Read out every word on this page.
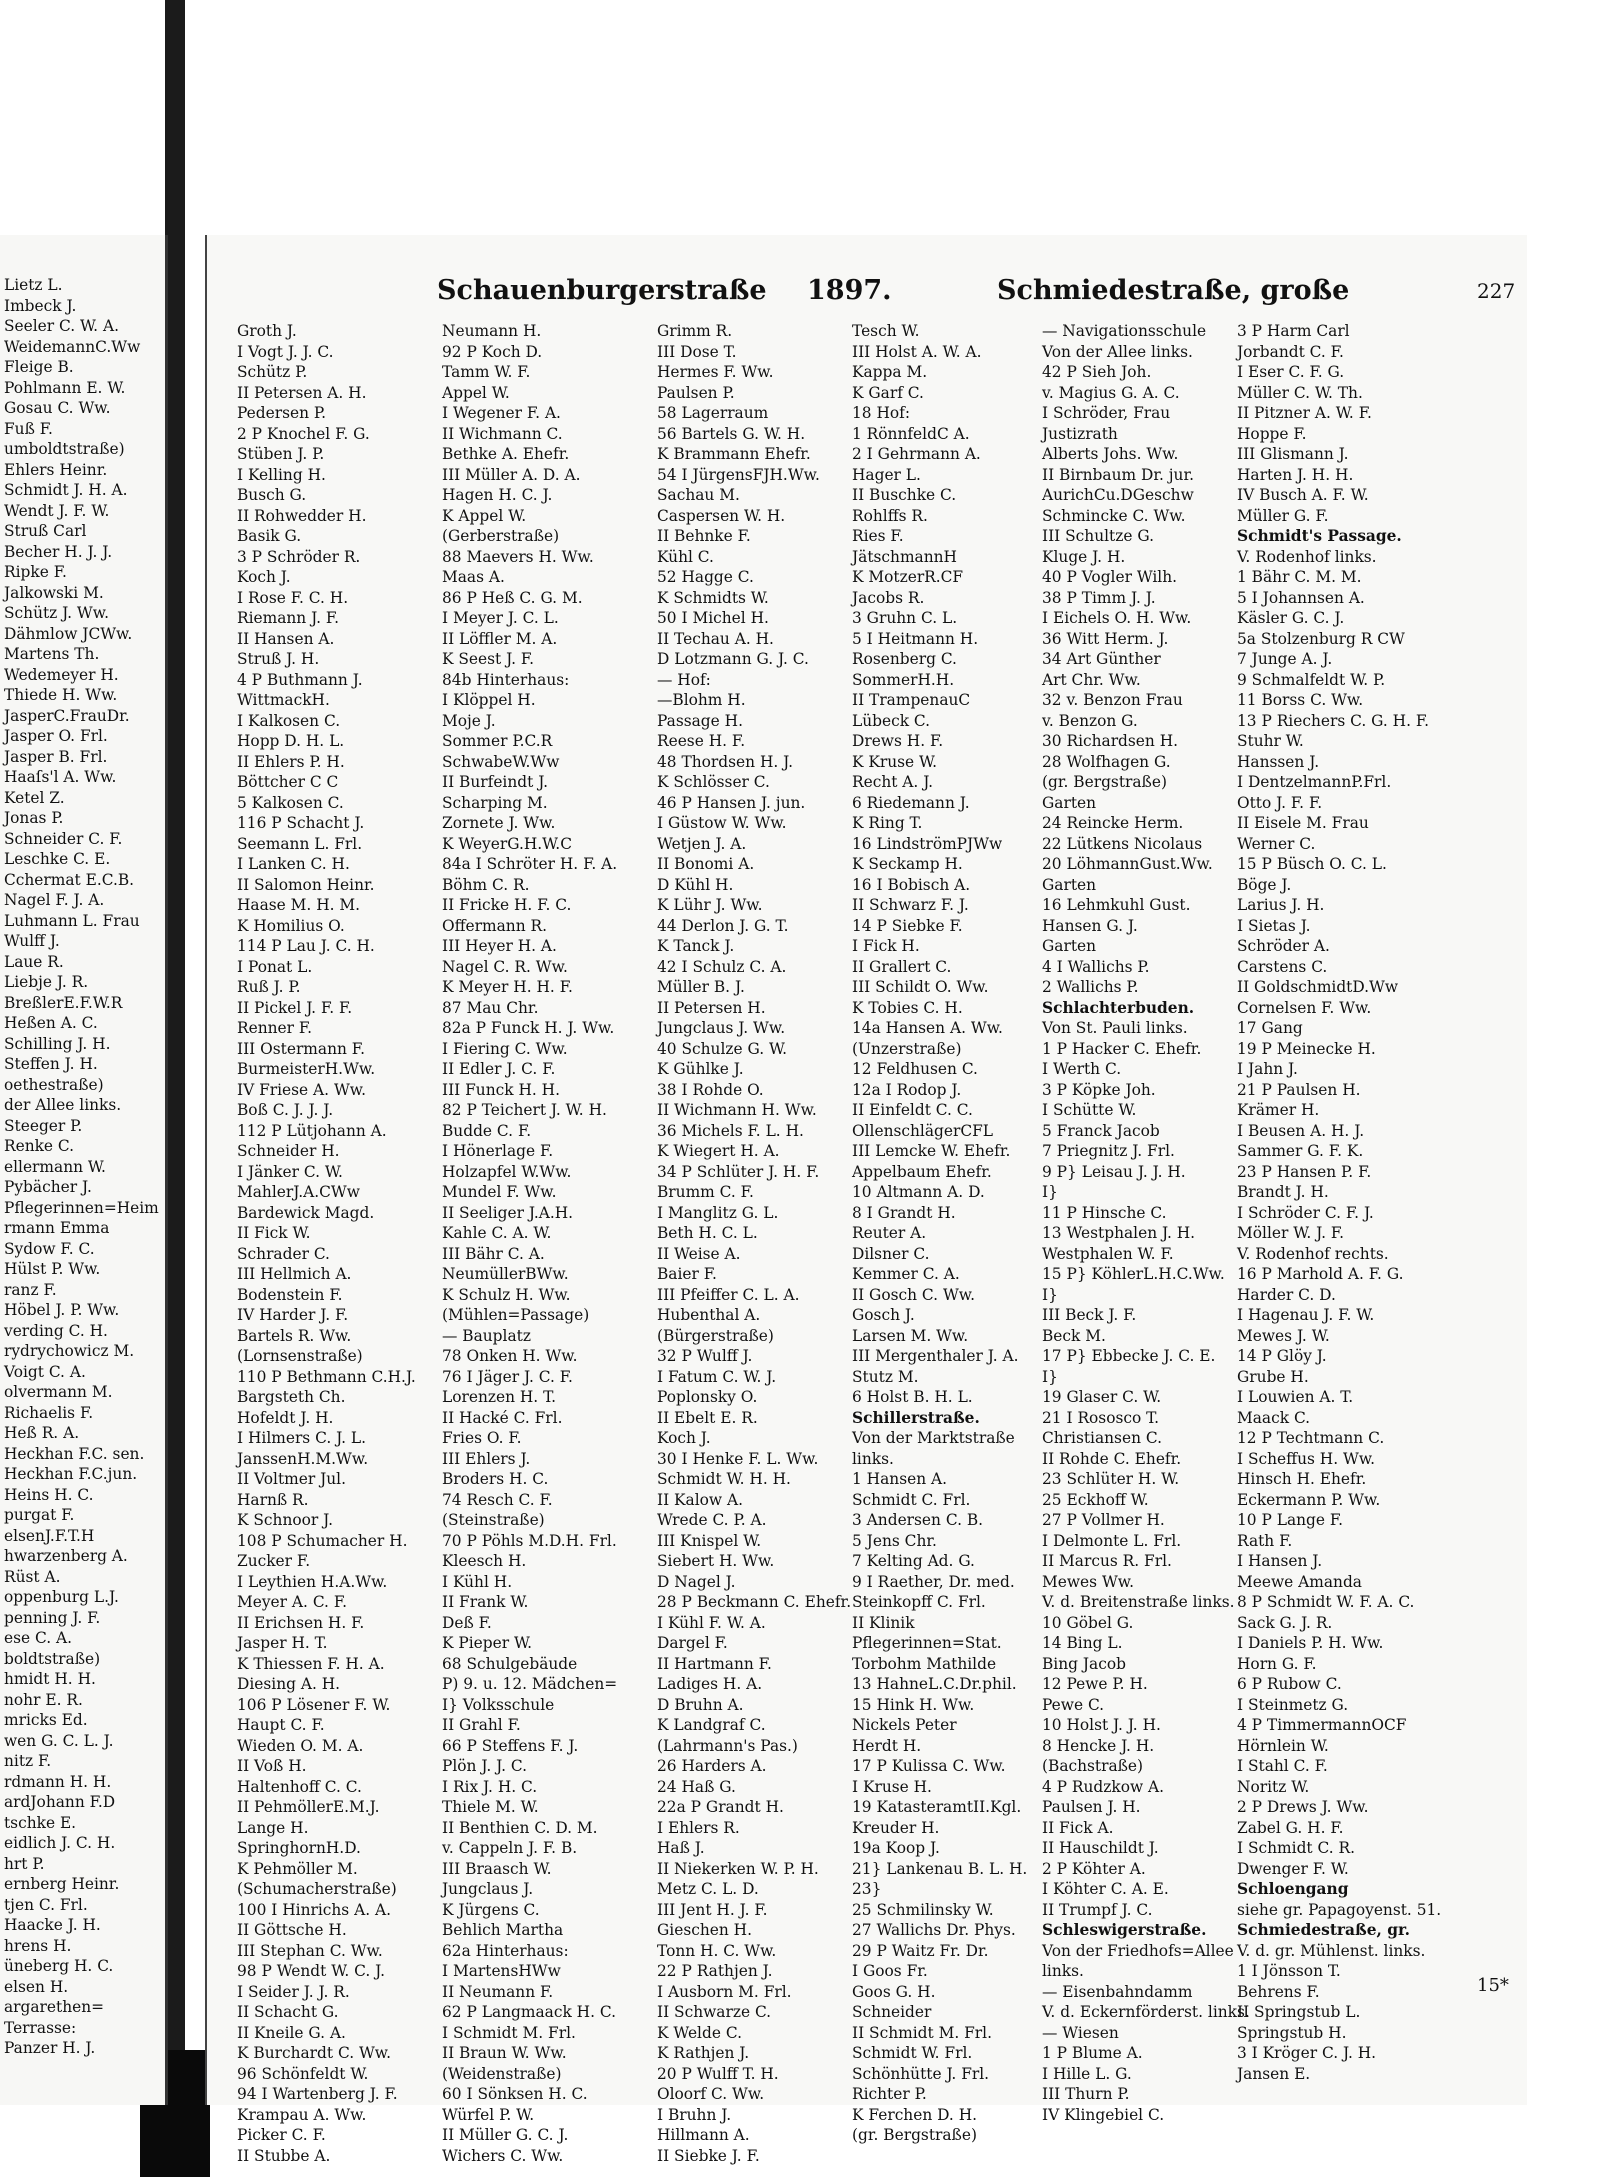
Lietz L.
Imbeck J.
Seeler C. W. A.
WeidemannC.Ww
Fleige B.
Pohlmann E. W.
Gosau C. Ww.
Fuß F.
umboldtstraße)
Ehlers Heinr.
Schmidt J. H. A.
Wendt J. F. W.
Struß Carl
Becher H. J. J.
Ripke F.
Jalkowski M.
Schütz J. Ww.
Dähmlow JCWw.
Martens Th.
Wedemeyer H.
Thiede H. Ww.
JasperC.FrauDr.
Jasper O. Frl.
Jasper B. Frl.
Haaſs'l A. Ww.
Ketel Z.
Jonas P.
Schneider C. F.
Leschke C. E.
Cchermat E.C.B.
Nagel F. J. A.
Luhmann L. Frau
Wulff J.
Laue R.
Liebje J. R.
BreßlerE.F.W.R
Heßen A. C.
Schilling J. H.
Steffen J. H.
oethestraße)
der Allee links.
Steeger P.
Renke C.
ellermann W.
Pybächer J.
Pflegerinnen=Heim
rmann Emma
Sydow F. C.
Hülst P. Ww.
ranz F.
Höbel J. P. Ww.
verding C. H.
rydrychowicz M.
Voigt C. A.
olvermann M.
Richaelis F.
Heß R. A.
Heckhan F.C. sen.
Heckhan F.C.jun.
Heins H. C.
purgat F.
elsenJ.F.T.H
hwarzenberg A.
Rüst A.
oppenburg L.J.
penning J. F.
ese C. A.
boldtstraße)
hmidt H. H.
nohr E. R.
mricks Ed.
wen G. C. L. J.
nitz F.
rdmann H. H.
ardJohann F.D
tschke E.
eidlich J. C. H.
hrt P.
ernberg Heinr.
tjen C. Frl.
Haacke J. H.
hrens H.
üneberg H. C.
elsen H.
argarethen=
Terrasse:
Panzer H. J.
Schauenburgerstraße 1897.	Schmiedestraße, große	227
Groth J.
I Vogt J. J. C.
Schütz P.
II Petersen A. H.
Pedersen P.
2 P Knochel F. G.
Stüben J. P.
I Kelling H.
Busch G.
II Rohwedder H.
Basik G.
3 P Schröder R.
Koch J.
I Rose F. C. H.
Riemann J. F.
II Hansen A.
Struß J. H.
4 P Buthmann J.
WittmackH.
I Kalkosen C.
Hopp D. H. L.
II Ehlers P. H.
Böttcher C C
5 Kalkosen C.
116 P Schacht J.
Seemann L. Frl.
I Lanken C. H.
II Salomon Heinr.
Haase M. H. M.
K Homilius O.
114 P Lau J. C. H.
I Ponat L.
Ruß J. P.
II Pickel J. F. F.
Renner F.
III Ostermann F.
BurmeisterH.Ww.
IV Friese A. Ww.
Boß C. J. J. J.
112 P Lütjohann A.
Schneider H.
I Jänker C. W.
MahlerJ.A.CWw
Bardewick Magd.
II Fick W.
Schrader C.
III Hellmich A.
Bodenstein F.
IV Harder J. F.
Bartels R. Ww.
(Lornsenstraße)
110 P Bethmann C.H.J.
Bargsteth Ch.
Hofeldt J. H.
I Hilmers C. J. L.
JanssenH.M.Ww.
II Voltmer Jul.
Harnß R.
K Schnoor J.
108 P Schumacher H.
Zucker F.
I Leythien H.A.Ww.
Meyer A. C. F.
II Erichsen H. F.
Jasper H. T.
K Thiessen F. H. A.
Diesing A. H.
106 P Lösener F. W.
Haupt C. F.
Wieden O. M. A.
II Voß H.
Haltenhoff C. C.
II PehmöllerE.M.J.
Lange H.
SpringhornH.D.
K Pehmöller M.
(Schumacherstraße)
100 I Hinrichs A. A.
II Göttsche H.
III Stephan C. Ww.
98 P Wendt W. C. J.
I Seider J. J. R.
II Schacht G.
II Kneile G. A.
K Burchardt C. Ww.
96 Schönfeldt W.
94 I Wartenberg J. F.
Krampau A. Ww.
Picker C. F.
II Stubbe A.
Neumann H.
92 P Koch D.
Tamm W. F.
Appel W.
I Wegener F. A.
II Wichmann C.
Bethke A. Ehefr.
III Müller A. D. A.
Hagen H. C. J.
K Appel W.
(Gerberstraße)
88 Maevers H. Ww.
Maas A.
86 P Heß C. G. M.
I Meyer J. C. L.
II Löffler M. A.
K Seest J. F.
84b Hinterhaus:
I Klöppel H.
Moje J.
Sommer P.C.R
SchwabeW.Ww
II Burfeindt J.
Scharping M.
Zornete J. Ww.
K WeyerG.H.W.C
84a I Schröter H. F. A.
Böhm C. R.
II Fricke H. F. C.
Offermann R.
III Heyer H. A.
Nagel C. R. Ww.
K Meyer H. H. F.
87 Mau Chr.
82a P Funck H. J. Ww.
I Fiering C. Ww.
II Edler J. C. F.
III Funck H. H.
82 P Teichert J. W. H.
Budde C. F.
I Hönerlage F.
Holzapfel W.Ww.
Mundel F. Ww.
II Seeliger J.A.H.
Kahle C. A. W.
III Bähr C. A.
NeumüllerBWw.
K Schulz H. Ww.
(Mühlen=Passage)
— Bauplatz
78 Onken H. Ww.
76 I Jäger J. C. F.
Lorenzen H. T.
II Hacké C. Frl.
Fries O. F.
III Ehlers J.
Broders H. C.
74 Resch C. F.
(Steinstraße)
70 P Pöhls M.D.H. Frl.
Kleesch H.
I Kühl H.
II Frank W.
Deß F.
K Pieper W.
68 Schulgebäude
P) 9. u. 12. Mädchen=
I} Volksschule
II Grahl F.
66 P Steffens F. J.
Plön J. J. C.
I Rix J. H. C.
Thiele M. W.
II Benthien C. D. M.
v. Cappeln J. F. B.
III Braasch W.
Jungclaus J.
K Jürgens C.
Behlich Martha
62a Hinterhaus:
I MartensHWw
II Neumann F.
62 P Langmaack H. C.
I Schmidt M. Frl.
II Braun W. Ww.
(Weidenstraße)
60 I Sönksen H. C.
Würfel P. W.
II Müller G. C. J.
Wichers C. Ww.
Grimm R.
III Dose T.
Hermes F. Ww.
Paulsen P.
58 Lagerraum
56 Bartels G. W. H.
K Brammann Ehefr.
54 I JürgensFJH.Ww.
Sachau M.
Caspersen W. H.
II Behnke F.
Kühl C.
52 Hagge C.
K Schmidts W.
50 I Michel H.
II Techau A. H.
D Lotzmann G. J. C.
— Hof:
—Blohm H.
Passage H.
Reese H. F.
48 Thordsen H. J.
K Schlösser C.
46 P Hansen J. jun.
I Güstow W. Ww.
Wetjen J. A.
II Bonomi A.
D Kühl H.
K Lühr J. Ww.
44 Derlon J. G. T.
K Tanck J.
42 I Schulz C. A.
Müller B. J.
II Petersen H.
Jungclaus J. Ww.
40 Schulze G. W.
K Gühlke J.
38 I Rohde O.
II Wichmann H. Ww.
36 Michels F. L. H.
K Wiegert H. A.
34 P Schlüter J. H. F.
Brumm C. F.
I Manglitz G. L.
Beth H. C. L.
II Weise A.
Baier F.
III Pfeiffer C. L. A.
Hubenthal A.
(Bürgerstraße)
32 P Wulff J.
I Fatum C. W. J.
Poplonsky O.
II Ebelt E. R.
Koch J.
30 I Henke F. L. Ww.
Schmidt W. H. H.
II Kalow A.
Wrede C. P. A.
III Knispel W.
Siebert H. Ww.
D Nagel J.
28 P Beckmann C. Ehefr.
I Kühl F. W. A.
Dargel F.
II Hartmann F.
Ladiges H. A.
D Bruhn A.
K Landgraf C.
(Lahrmann's Pas.)
26 Harders A.
24 Haß G.
22a P Grandt H.
I Ehlers R.
Haß J.
II Niekerken W. P. H.
Metz C. L. D.
III Jent H. J. F.
Gieschen H.
Tonn H. C. Ww.
22 P Rathjen J.
I Ausborn M. Frl.
II Schwarze C.
K Welde C.
K Rathjen J.
20 P Wulff T. H.
Oloorf C. Ww.
I Bruhn J.
Hillmann A.
II Siebke J. F.
Tesch W.
III Holst A. W. A.
Kappa M.
K Garf C.
18 Hof:
1 RönnfeldC A.
2 I Gehrmann A.
Hager L.
II Buschke C.
Rohlffs R.
Ries F.
JätschmannH
K MotzerR.CF
Jacobs R.
3 Gruhn C. L.
5 I Heitmann H.
Rosenberg C.
SommerH.H.
II TrampenauC
Lübeck C.
Drews H. F.
K Kruse W.
Recht A. J.
6 Riedemann J.
K Ring T.
16 LindströmPJWw
K Seckamp H.
16 I Bobisch A.
II Schwarz F. J.
14 P Siebke F.
I Fick H.
II Grallert C.
III Schildt O. Ww.
K Tobies C. H.
14a Hansen A. Ww.
(Unzerstraße)
12 Feldhusen C.
12a I Rodop J.
II Einfeldt C. C.
OllenschlägerCFL
III Lemcke W. Ehefr.
Appelbaum Ehefr.
10 Altmann A. D.
8 I Grandt H.
Reuter A.
Dilsner C.
Kemmer C. A.
II Gosch C. Ww.
Gosch J.
Larsen M. Ww.
III Mergenthaler J. A.
Stutz M.
6 Holst B. H. L.
Schillerstraße.
Von der Marktstraße
links.
1 Hansen A.
Schmidt C. Frl.
3 Andersen C. B.
5 Jens Chr.
7 Kelting Ad. G.
9 I Raether, Dr. med.
Steinkopff C. Frl.
II Klinik
Pflegerinnen=Stat.
Torbohm Mathilde
13 HahneL.C.Dr.phil.
15 Hink H. Ww.
Nickels Peter
Herdt H.
17 P Kulissa C. Ww.
I Kruse H.
19 KatasteramtII.Kgl.
Kreuder H.
19a Koop J.
21} Lankenau B. L. H.
23}
25 Schmilinsky W.
27 Wallichs Dr. Phys.
29 P Waitz Fr. Dr.
I Goos Fr.
Goos G. H.
Schneider
II Schmidt M. Frl.
Schmidt W. Frl.
Schönhütte J. Frl.
Richter P.
K Ferchen D. H.
(gr. Bergstraße)
— Navigationsschule
Von der Allee links.
42 P Sieh Joh.
v. Magius G. A. C.
I Schröder, Frau
Justizrath
Alberts Johs. Ww.
II Birnbaum Dr. jur.
AurichCu.DGeschw
Schmincke C. Ww.
III Schultze G.
Kluge J. H.
40 P Vogler Wilh.
38 P Timm J. J.
I Eichels O. H. Ww.
36 Witt Herm. J.
34 Art Günther
Art Chr. Ww.
32 v. Benzon Frau
v. Benzon G.
30 Richardsen H.
28 Wolfhagen G.
(gr. Bergstraße)
Garten
24 Reincke Herm.
22 Lütkens Nicolaus
20 LöhmannGust.Ww.
Garten
16 Lehmkuhl Gust.
Hansen G. J.
Garten
4 I Wallichs P.
2 Wallichs P.
Schlachterbuden.
Von St. Pauli links.
1 P Hacker C. Ehefr.
I Werth C.
3 P Köpke Joh.
I Schütte W.
5 Franck Jacob
7 Priegnitz J. Frl.
9 P} Leisau J. J. H.
I}
11 P Hinsche C.
13 Westphalen J. H.
Westphalen W. F.
15 P} KöhlerL.H.C.Ww.
I}
III Beck J. F.
Beck M.
17 P} Ebbecke J. C. E.
I}
19 Glaser C. W.
21 I Rososco T.
Christiansen C.
II Rohde C. Ehefr.
23 Schlüter H. W.
25 Eckhoff W.
27 P Vollmer H.
I Delmonte L. Frl.
II Marcus R. Frl.
Mewes Ww.
V. d. Breitenstraße links.
10 Göbel G.
14 Bing L.
Bing Jacob
12 Pewe P. H.
Pewe C.
10 Holst J. J. H.
8 Hencke J. H.
(Bachstraße)
4 P Rudzkow A.
Paulsen J. H.
II Fick A.
II Hauschildt J.
2 P Köhter A.
I Köhter C. A. E.
II Trumpf J. C.
Schleswigerstraße.
Von der Friedhofs=Allee
links.
— Eisenbahndamm
V. d. Eckernförderst. links.
— Wiesen
1 P Blume A.
I Hille L. G.
III Thurn P.
IV Klingebiel C.
3 P Harm Carl
Jorbandt C. F.
I Eser C. F. G.
Müller C. W. Th.
II Pitzner A. W. F.
Hoppe F.
III Glismann J.
Harten J. H. H.
IV Busch A. F. W.
Müller G. F.
Schmidt's Passage.
V. Rodenhof links.
1 Bähr C. M. M.
5 I Johannsen A.
Käsler G. C. J.
5a Stolzenburg R CW
7 Junge A. J.
9 Schmalfeldt W. P.
11 Borss C. Ww.
13 P Riechers C. G. H. F.
Stuhr W.
Hanssen J.
I DentzelmannP.Frl.
Otto J. F. F.
II Eisele M. Frau
Werner C.
15 P Büsch O. C. L.
Böge J.
Larius J. H.
I Sietas J.
Schröder A.
Carstens C.
II GoldschmidtD.Ww
Cornelsen F. Ww.
17 Gang
19 P Meinecke H.
I Jahn J.
21 P Paulsen H.
Krämer H.
I Beusen A. H. J.
Sammer G. F. K.
23 P Hansen P. F.
Brandt J. H.
I Schröder C. F. J.
Möller W. J. F.
V. Rodenhof rechts.
16 P Marhold A. F. G.
Harder C. D.
I Hagenau J. F. W.
Mewes J. W.
14 P Glöy J.
Grube H.
I Louwien A. T.
Maack C.
12 P Techtmann C.
I Scheffus H. Ww.
Hinsch H. Ehefr.
Eckermann P. Ww.
10 P Lange F.
Rath F.
I Hansen J.
Meewe Amanda
8 P Schmidt W. F. A. C.
Sack G. J. R.
I Daniels P. H. Ww.
Horn G. F.
6 P Rubow C.
I Steinmetz G.
4 P TimmermannOCF
Hörnlein W.
I Stahl C. F.
Noritz W.
2 P Drews J. Ww.
Zabel G. H. F.
I Schmidt C. R.
Dwenger F. W.
Schloengang
siehe gr. Papagoyenst. 51.
Schmiedestraße, gr.
V. d. gr. Mühlenst. links.
1 I Jönsson T.
Behrens F.
II Springstub L.
Springstub H.
3 I Kröger C. J. H.
Jansen E.
15*
